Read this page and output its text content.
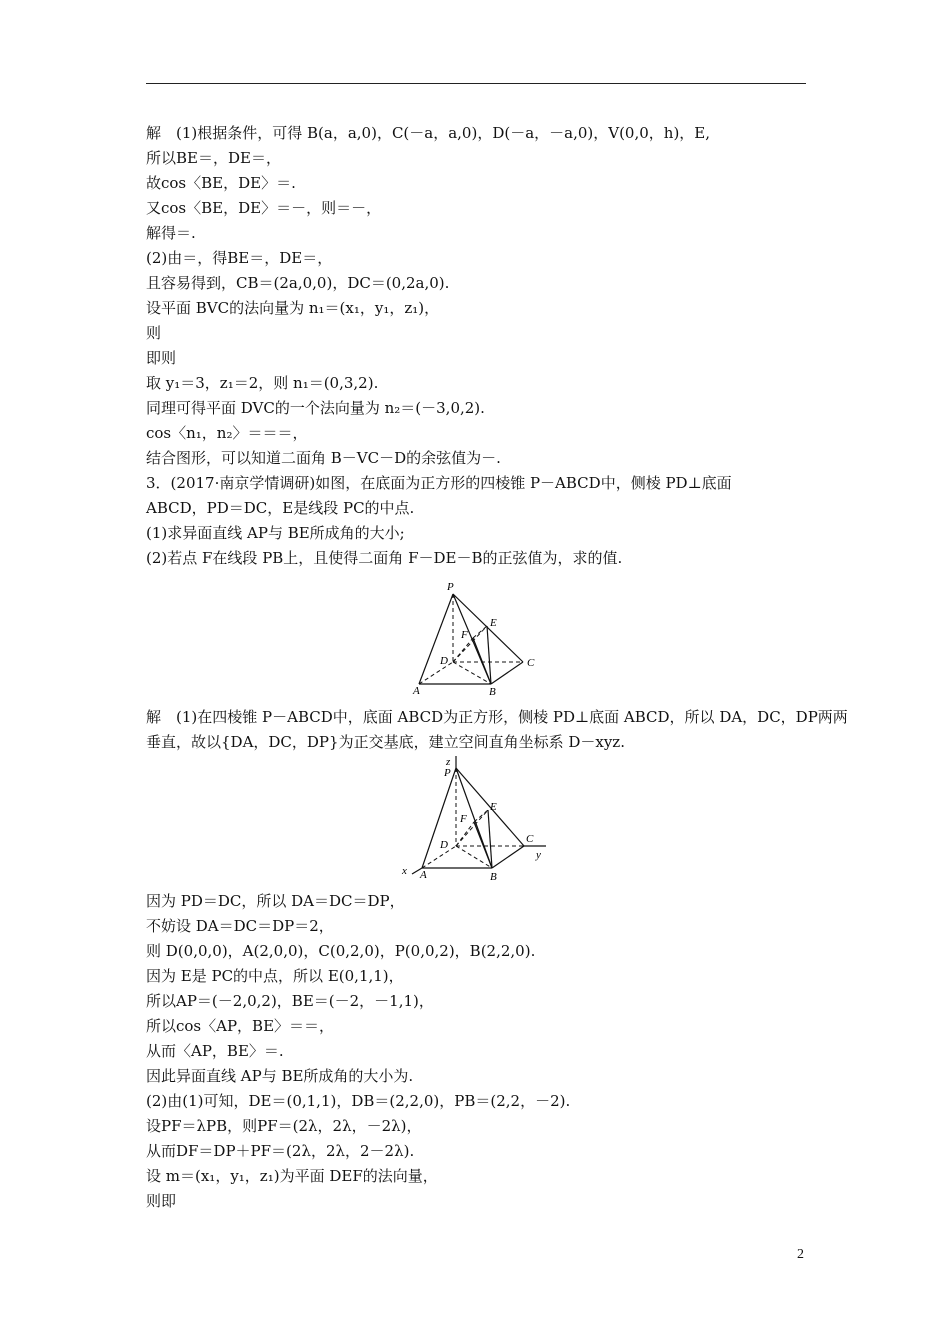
解　(1)根据条件，可得 B(a，a,0)，C(－a，a,0)，D(－a，－a,0)，V(0,0，h)，E,
所以BE＝，DE＝，
故cos〈BE，DE〉＝.
又cos〈BE，DE〉＝－，则＝－，
解得＝.
(2)由＝，得BE＝，DE＝，
且容易得到，CB＝(2a,0,0)，DC＝(0,2a,0).
设平面 BVC的法向量为 n₁＝(x₁，y₁，z₁)，
则
即则
取 y₁＝3，z₁＝2，则 n₁＝(0,3,2).
同理可得平面 DVC的一个法向量为 n₂＝(－3,0,2).
cos〈n₁，n₂〉＝＝＝，
结合图形，可以知道二面角 B－VC－D的余弦值为－.
3．(2017·南京学情调研)如图，在底面为正方形的四棱锥 P－ABCD中，侧棱 PD⊥底面
ABCD，PD＝DC，E是线段 PC的中点.
(1)求异面直线 AP与 BE所成角的大小;
(2)若点 F在线段 PB上，且使得二面角 F－DE－B的正弦值为，求的值.
P
E
F
D	C
A	B
解　(1)在四棱锥 P－ABCD中，底面 ABCD为正方形，侧棱 PD⊥底面 ABCD，所以 DA，DC，DP两两
垂直，故以{DA，DC，DP}为正交基底，建立空间直角坐标系 D－xyz.
z
P
E
F
D	C
y
x A	B
因为 PD＝DC，所以 DA＝DC＝DP，
不妨设 DA＝DC＝DP＝2，
则 D(0,0,0)，A(2,0,0)，C(0,2,0)，P(0,0,2)，B(2,2,0).
因为 E是 PC的中点，所以 E(0,1,1)，
所以AP＝(－2,0,2)，BE＝(－2，－1,1)，
所以cos〈AP，BE〉＝＝，
从而〈AP，BE〉＝.
因此异面直线 AP与 BE所成角的大小为.
(2)由(1)可知，DE＝(0,1,1)，DB＝(2,2,0)，PB＝(2,2，－2).
设PF＝λPB，则PF＝(2λ，2λ，－2λ)，
从而DF＝DP＋PF＝(2λ，2λ，2－2λ).
设 m＝(x₁，y₁，z₁)为平面 DEF的法向量，
则即
2
